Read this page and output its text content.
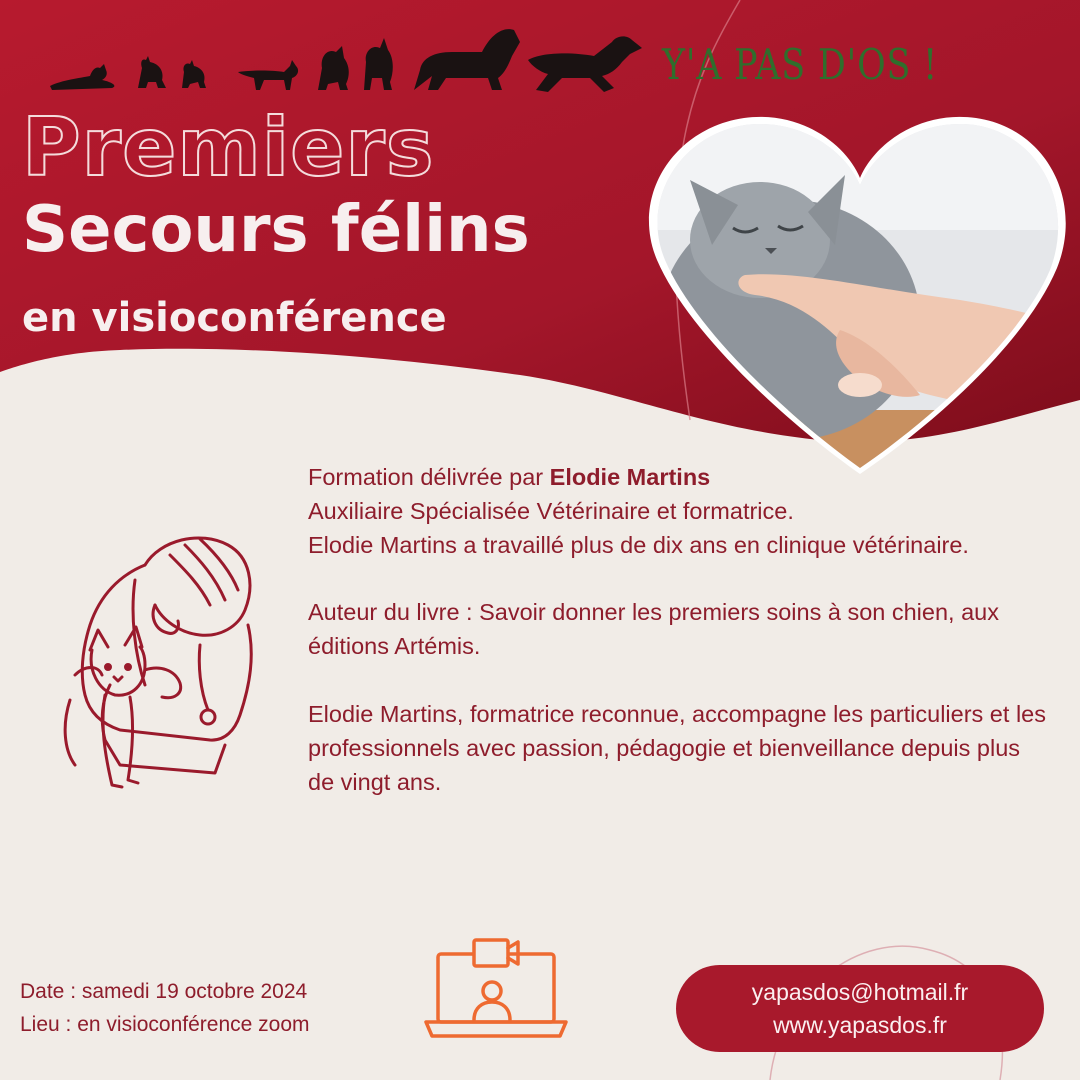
Y'A PAS D'OS !
Premiers
Secours félins
en visioconférence

Formation délivrée par Elodie Martins

Auxiliaire Spécialisée Vétérinaire et formatrice.

Elodie Martins a travaillé plus de dix ans en clinique vétérinaire.

Auteur du livre : Savoir donner les premiers soins à son chien, aux éditions Artémis.

Elodie Martins, formatrice reconnue, accompagne les particuliers et les professionnels avec passion, pédagogie et bienveillance depuis plus de vingt ans.

Date : samedi 19 octobre 2024

Lieu : en visioconférence zoom

yapasdos@hotmail.fr
www.yapasdos.fr
